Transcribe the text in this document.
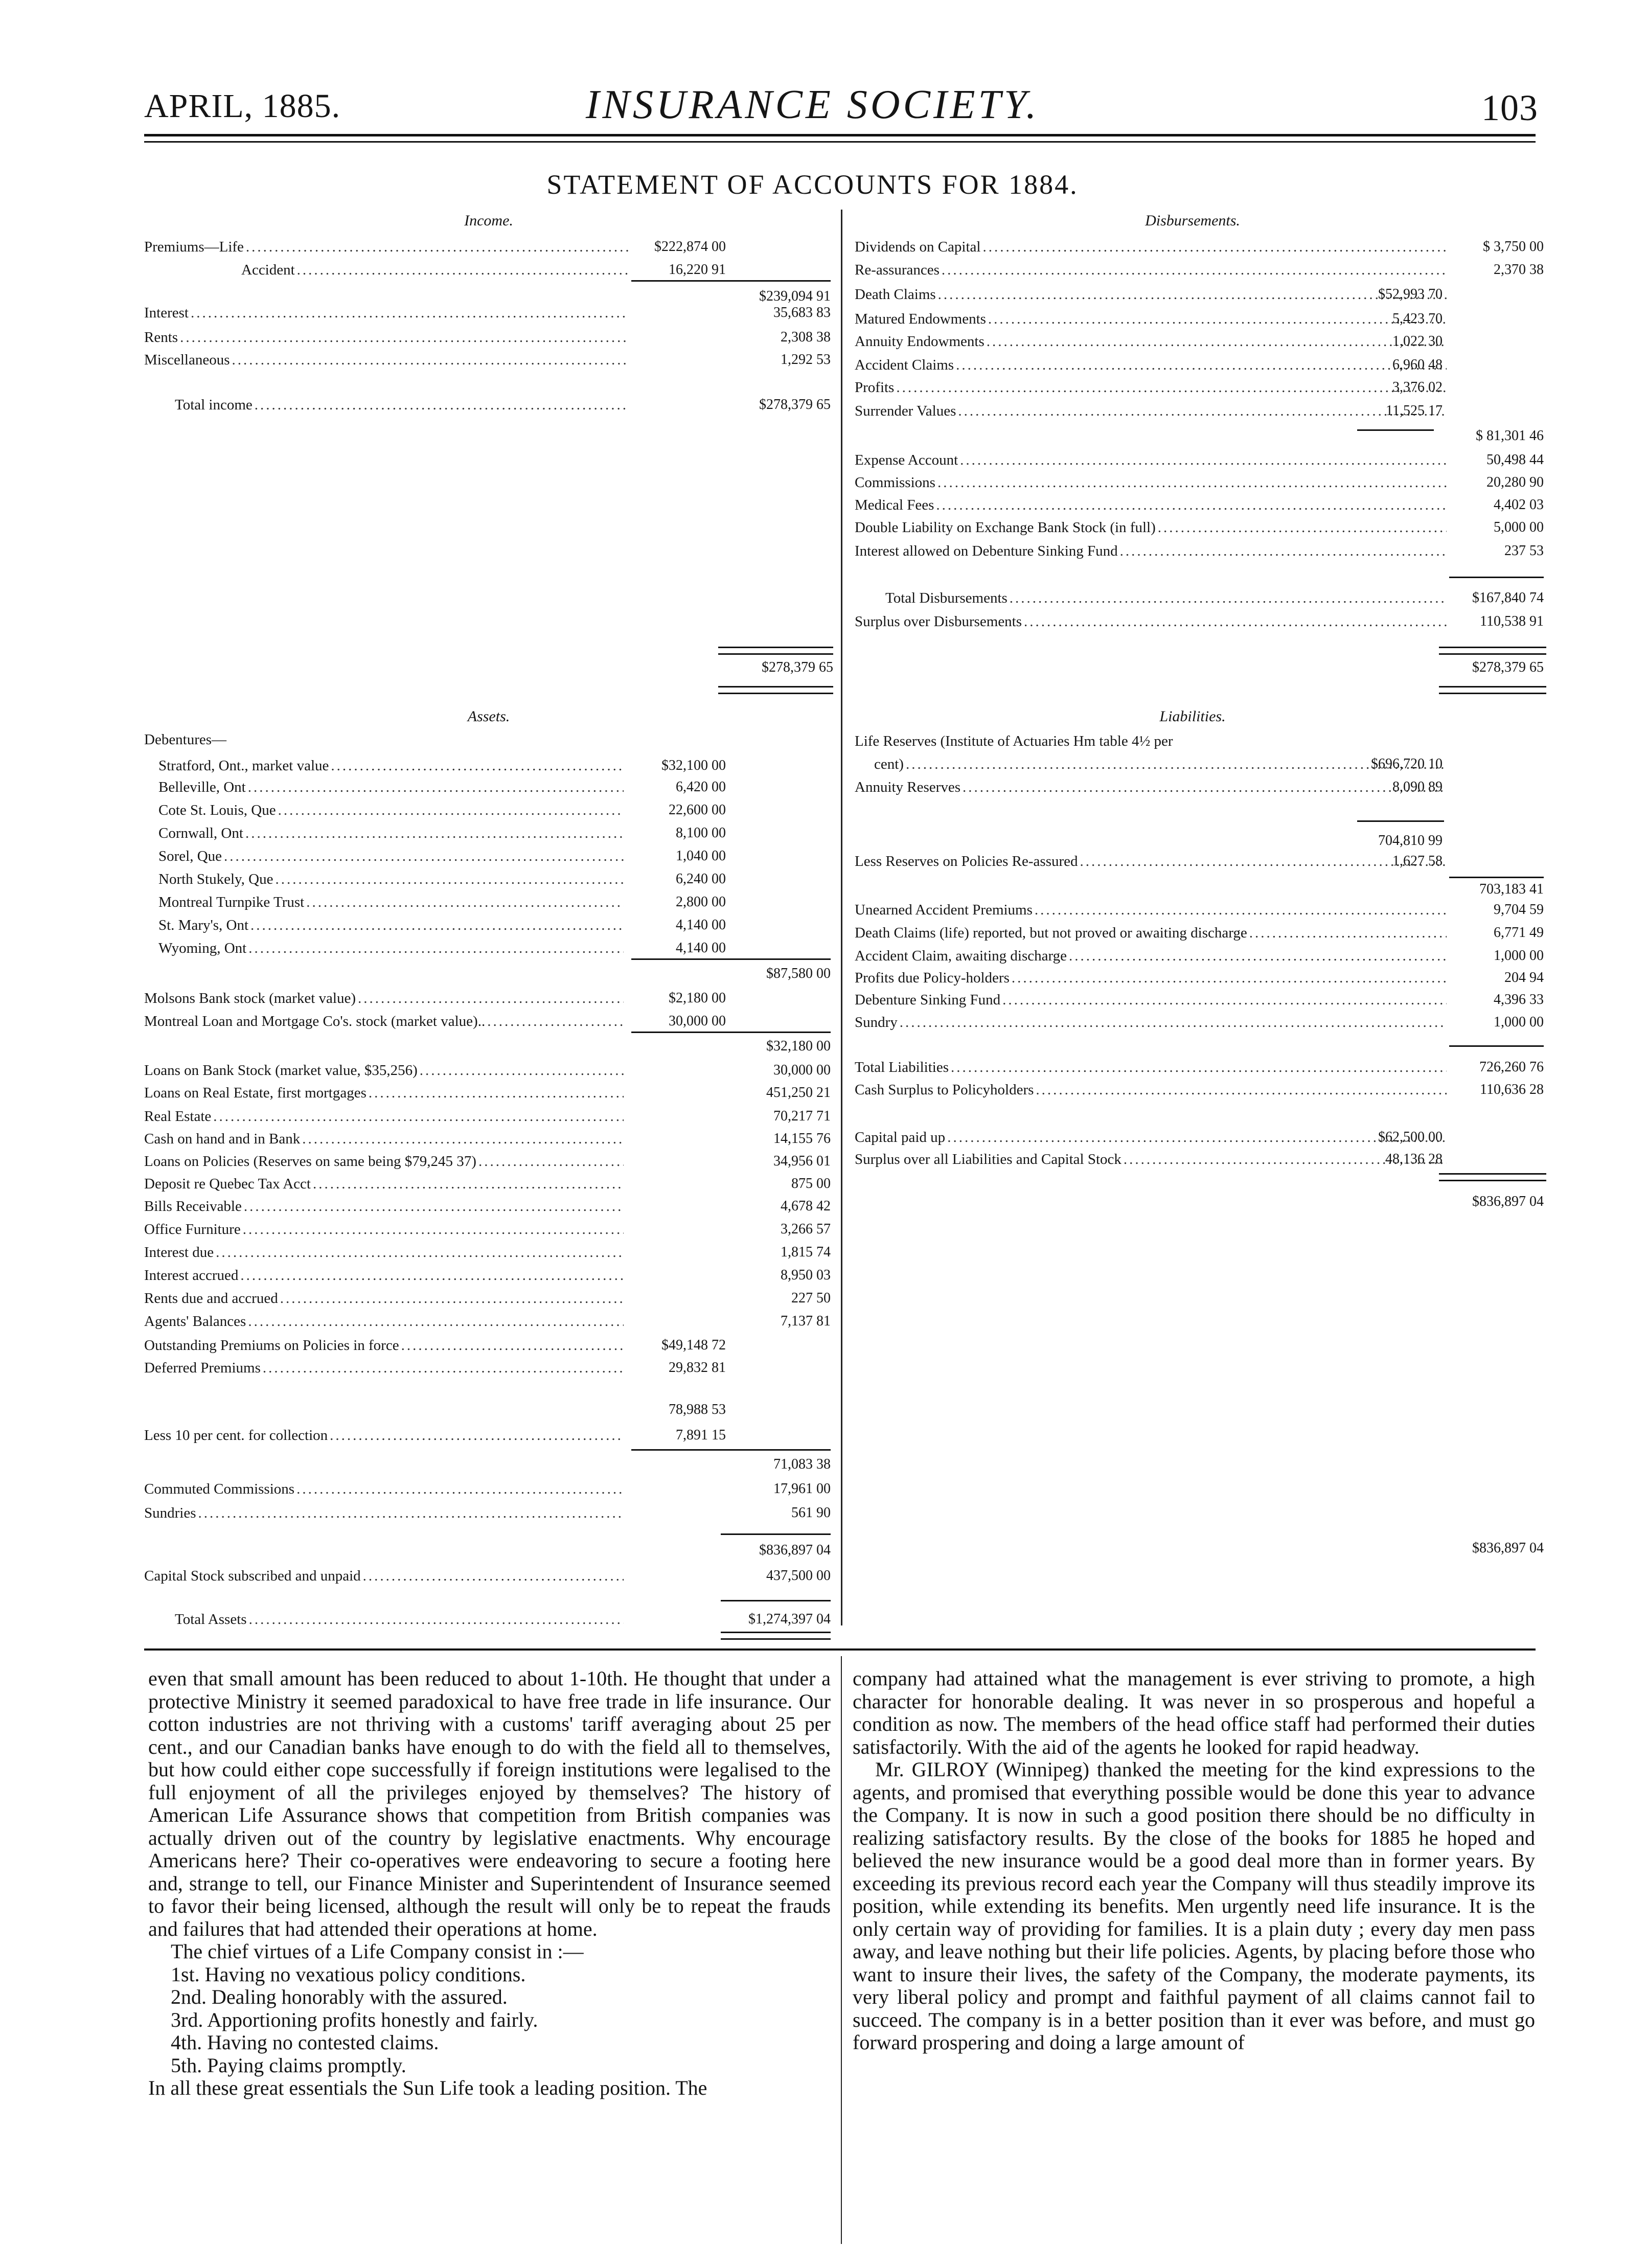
APRIL, 1885.	INSURANCE SOCIETY.	103
STATEMENT OF ACCOUNTS FOR 1884.
Income.
Premiums—Life .....	$222,874 00
Accident .....	16,220 91
$239,094 91
Interest .....	35,683 83
Rents .....	2,308 38
Miscellaneous .....	1,292 53
Total income .....	$278,379 65
$278,379 65
Disbursements.
Dividends on Capital .....	$ 3,750 00
Re-assurances .....	2,370 38
Death Claims .....	$52,993 70
Matured Endowments .....	5,423 70
Annuity Endowments .....	1,022 30
Accident Claims .....	6,960 48
Profits .....	3,376 02
Surrender Values .....	11,525 17
$ 81,301 46
Expense Account .....	50,498 44
Commissions .....	20,280 90
Medical Fees .....	4,402 03
Double Liability on Exchange Bank Stock (in full) .....	5,000 00
Interest allowed on Debenture Sinking Fund .....	237 53
Total Disbursements .....	$167,840 74
Surplus over Disbursements .....	110,538 91
$278,379 65
Assets.
Debentures—
Stratford, Ont., market value .....	$32,100 00
Belleville, Ont .....	6,420 00
Cote St. Louis, Que .....	22,600 00
Cornwall, Ont .....	8,100 00
Sorel, Que .....	1,040 00
North Stukely, Que .....	6,240 00
Montreal Turnpike Trust .....	2,800 00
St. Mary's, Ont .....	4,140 00
Wyoming, Ont .....	4,140 00
$87,580 00
Molsons Bank stock (market value) .....	$2,180 00
Montreal Loan and Mortgage Co's. stock (market value).. .....	30,000 00
$32,180 00
Loans on Bank Stock (market value, $35,256) .....	30,000 00
Loans on Real Estate, first mortgages .....	451,250 21
Real Estate .....	70,217 71
Cash on hand and in Bank .....	14,155 76
Loans on Policies (Reserves on same being $79,245 37) .....	34,956 01
Deposit re Quebec Tax Acct .....	875 00
Bills Receivable .....	4,678 42
Office Furniture .....	3,266 57
Interest due .....	1,815 74
Interest accrued .....	8,950 03
Rents due and accrued .....	227 50
Agents' Balances .....	7,137 81
Outstanding Premiums on Policies in force .....	$49,148 72
Deferred Premiums .....	29,832 81
78,988 53
Less 10 per cent. for collection .....	7,891 15
71,083 38
Commuted Commissions .....	17,961 00
Sundries .....	561 90
$836,897 04
Capital Stock subscribed and unpaid .....	437,500 00
Total Assets .....	$1,274,397 04
Liabilities.
Life Reserves (Institute of Actuaries Hm table 4½ per
cent) .....	$696,720 10
Annuity Reserves .....	8,090 89
704,810 99
Less Reserves on Policies Re-assured .....	1,627 58
703,183 41
Unearned Accident Premiums .....	9,704 59
Death Claims (life) reported, but not proved or awaiting discharge .....	6,771 49
Accident Claim, awaiting discharge .....	1,000 00
Profits due Policy-holders .....	204 94
Debenture Sinking Fund .....	4,396 33
Sundry .....	1,000 00
Total Liabilities .....	726,260 76
Cash Surplus to Policyholders .....	110,636 28
Capital paid up .....	$62,500 00
Surplus over all Liabilities and Capital Stock .....	48,136 28
$836,897 04
$836,897 04

even that small amount has been reduced to about 1-10th. He thought that under a protective Ministry it seemed paradoxical to have free trade in life insurance. Our cotton industries are not thriving with a customs' tariff averaging about 25 per cent., and our Canadian banks have enough to do with the field all to themselves, but how could either cope successfully if foreign institutions were legalised to the full enjoyment of all the privileges enjoyed by themselves? The history of American Life Assurance shows that competition from British companies was actually driven out of the country by legislative enactments. Why encourage Americans here? Their co-operatives were endeavoring to secure a footing here and, strange to tell, our Finance Minister and Superintendent of Insurance seemed to favor their being licensed, although the result will only be to repeat the frauds and failures that had attended their operations at home.

The chief virtues of a Life Company consist in :—

1st. Having no vexatious policy conditions.

2nd. Dealing honorably with the assured.

3rd. Apportioning profits honestly and fairly.

4th. Having no contested claims.

5th. Paying claims promptly.

In all these great essentials the Sun Life took a leading position. The

company had attained what the management is ever striving to promote, a high character for honorable dealing. It was never in so prosperous and hopeful a condition as now. The members of the head office staff had performed their duties satisfactorily. With the aid of the agents he looked for rapid headway.

Mr. GILROY (Winnipeg) thanked the meeting for the kind expressions to the agents, and promised that everything possible would be done this year to advance the Company. It is now in such a good position there should be no difficulty in realizing satisfactory results. By the close of the books for 1885 he hoped and believed the new insurance would be a good deal more than in former years. By exceeding its previous record each year the Company will thus steadily improve its position, while extending its benefits. Men urgently need life insurance. It is the only certain way of providing for families. It is a plain duty ; every day men pass away, and leave nothing but their life policies. Agents, by placing before those who want to insure their lives, the safety of the Company, the moderate payments, its very liberal policy and prompt and faithful payment of all claims cannot fail to succeed. The company is in a better position than it ever was before, and must go forward prospering and doing a large amount of
